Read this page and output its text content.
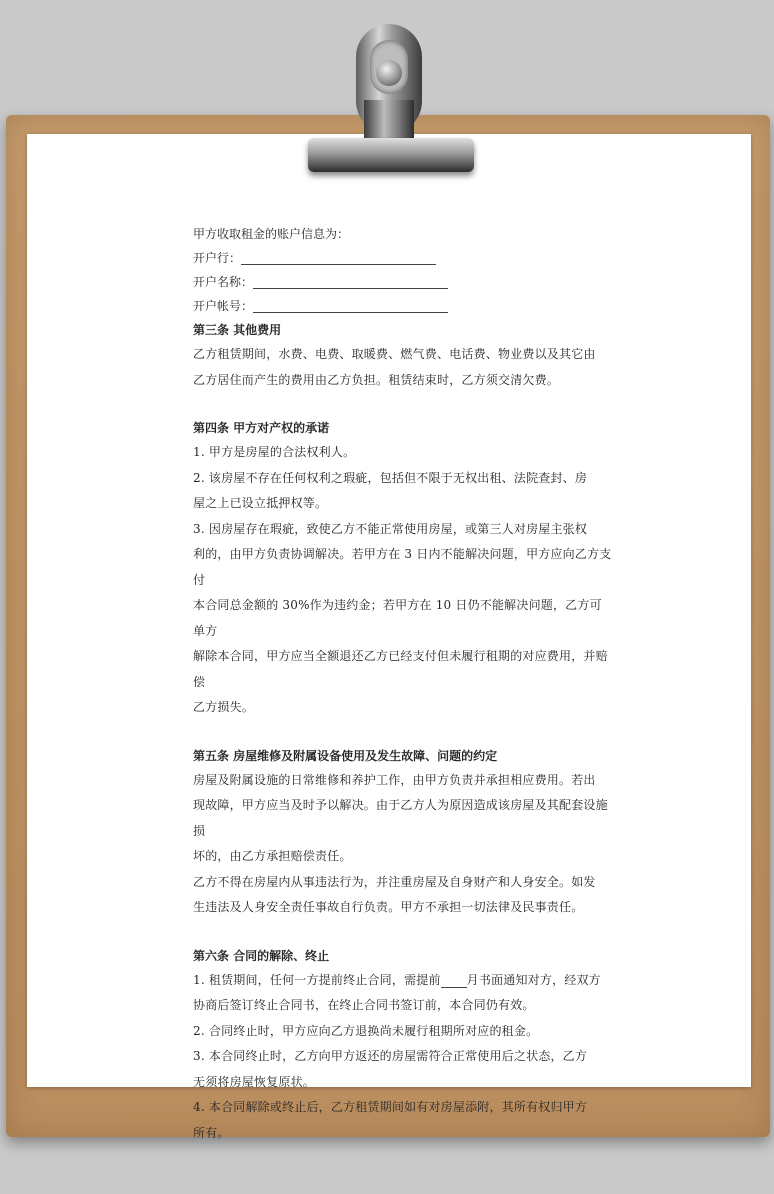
甲方收取租金的账户信息为：

开户行：

开户名称：

开户帐号：

第三条 其他费用

乙方租赁期间，水费、电费、取暖费、燃气费、电话费、物业费以及其它由

乙方居住而产生的费用由乙方负担。租赁结束时，乙方须交清欠费。

第四条 甲方对产权的承诺

1. 甲方是房屋的合法权利人。

2. 该房屋不存在任何权利之瑕疵，包括但不限于无权出租、法院查封、房

屋之上已设立抵押权等。

3. 因房屋存在瑕疵，致使乙方不能正常使用房屋，或第三人对房屋主张权

利的，由甲方负责协调解决。若甲方在 3 日内不能解决问题，甲方应向乙方支付

本合同总金额的 30%作为违约金；若甲方在 10 日仍不能解决问题，乙方可单方

解除本合同，甲方应当全额退还乙方已经支付但未履行租期的对应费用，并赔偿

乙方损失。

第五条 房屋维修及附属设备使用及发生故障、问题的约定

房屋及附属设施的日常维修和养护工作，由甲方负责并承担相应费用。若出

现故障，甲方应当及时予以解决。由于乙方人为原因造成该房屋及其配套设施损

坏的，由乙方承担赔偿责任。

乙方不得在房屋内从事违法行为，并注重房屋及自身财产和人身安全。如发

生违法及人身安全责任事故自行负责。甲方不承担一切法律及民事责任。

第六条 合同的解除、终止

1. 租赁期间，任何一方提前终止合同，需提前 月书面通知对方，经双方

协商后签订终止合同书，在终止合同书签订前，本合同仍有效。

2. 合同终止时，甲方应向乙方退换尚未履行租期所对应的租金。

3. 本合同终止时，乙方向甲方返还的房屋需符合正常使用后之状态，乙方

无须将房屋恢复原状。

4. 本合同解除或终止后，乙方租赁期间如有对房屋添附，其所有权归甲方

所有。
